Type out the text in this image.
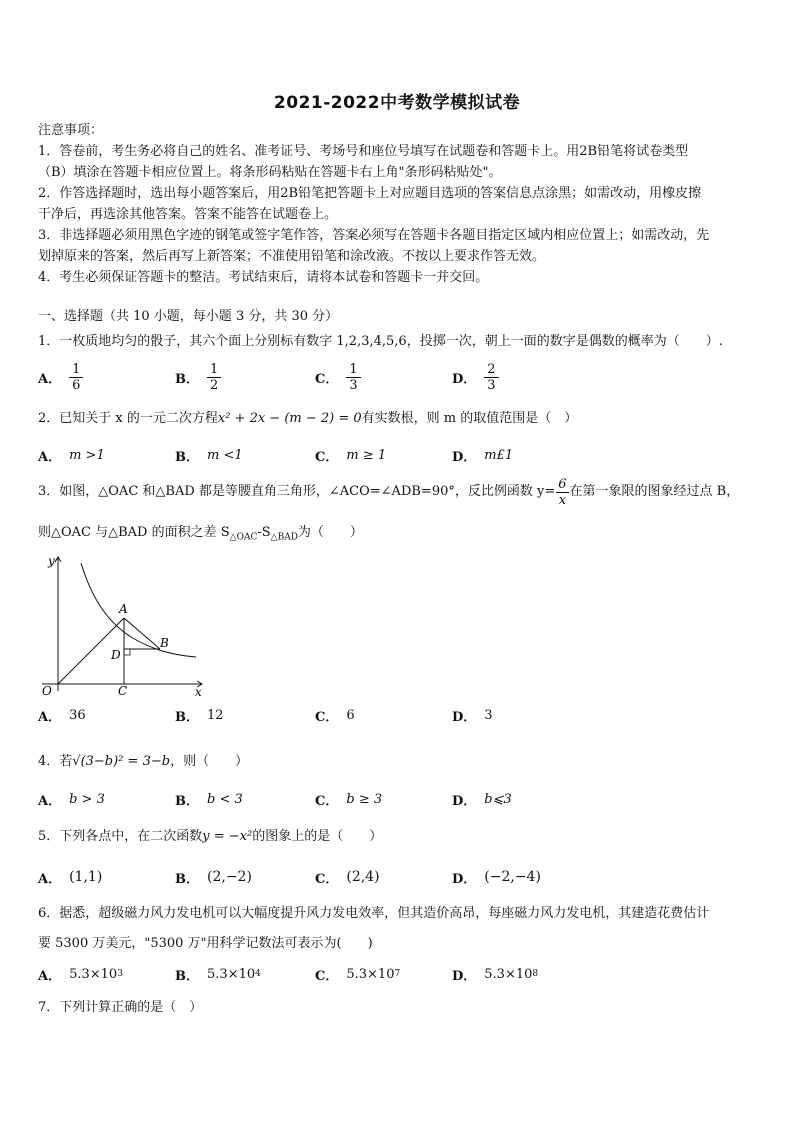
2021-2022中考数学模拟试卷
注意事项：
1．答卷前，考生务必将自己的姓名、准考证号、考场号和座位号填写在试题卷和答题卡上。用2B铅笔将试卷类型
（B）填涂在答题卡相应位置上。将条形码粘贴在答题卡右上角"条形码粘贴处"。
2．作答选择题时，选出每小题答案后，用2B铅笔把答题卡上对应题目选项的答案信息点涂黑；如需改动，用橡皮擦
干净后，再选涂其他答案。答案不能答在试题卷上。
3．非选择题必须用黑色字迹的钢笔或签字笔作答，答案必须写在答题卡各题目指定区域内相应位置上；如需改动，先
划掉原来的答案，然后再写上新答案；不准使用铅笔和涂改液。不按以上要求作答无效。
4．考生必须保证答题卡的整洁。考试结束后，请将本试卷和答题卡一并交回。
一、选择题（共 10 小题，每小题 3 分，共 30 分）
1．一枚质地均匀的骰子，其六个面上分别标有数字 1,2,3,4,5,6，投掷一次，朝上一面的数字是偶数的概率为（　　）.
A． $\frac{1}{6}$	B． $\frac{1}{2}$	C． $\frac{1}{3}$	D． $\frac{2}{3}$
2．已知关于 x 的一元二次方程x² + 2x − (m − 2) = 0有实数根，则 m 的取值范围是（　）
A． m >1	B． m <1	C． m ≥ 1	D． m£1
3．如图，△OAC 和△BAD 都是等腰直角三角形，∠ACO=∠ADB=90°，反比例函数 $y= \frac{6}{x}$ 在第一象限的图象经过点 B，
则△OAC 与△BAD 的面积之差 $S_{\triangle OAC}-S_{\triangle BAD}$为（　　）
y
x
O
A
B
C
D
A． 36	B． 12	C． 6	D． 3
4．若√(3−b)² = 3−b，则（　　）
A． b > 3	B． b < 3	C． b ≥ 3	D． b⩽3
5．下列各点中，在二次函数y = −x²的图象上的是（　　）
A． (1,1)	B． (2,−2)	C． (2,4)	D． (−2,−4)
6．据悉，超级磁力风力发电机可以大幅度提升风力发电效率，但其造价高昂，每座磁力风力发电机，其建造花费估计
要 5300 万美元，"5300 万"用科学记数法可表示为(　　)
A． 5.3×10 3	B． 5.3×10 4	C． 5.3×10 7	D． 5.3×10 8
7．下列计算正确的是（　）
